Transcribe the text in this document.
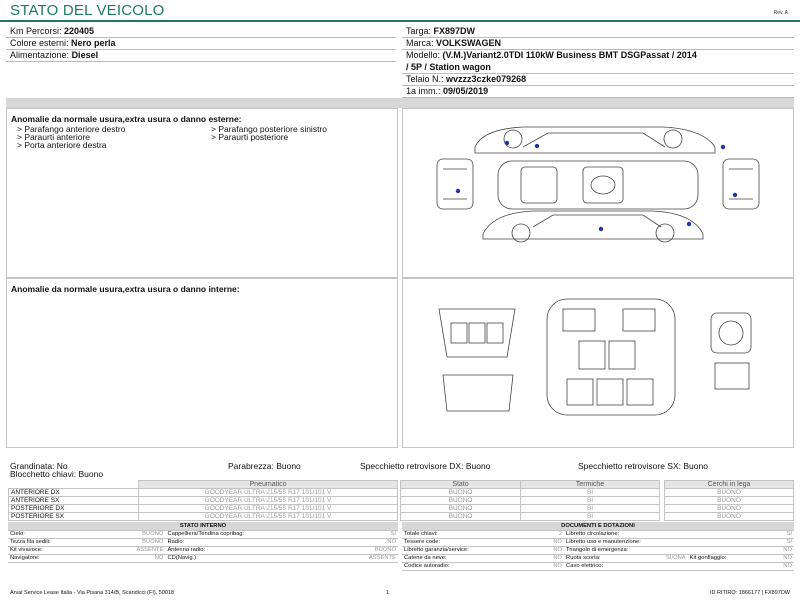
STATO DEL VEICOLO	Rev. A
Km Percorsi: 220405
Colore esterni: Nero perla
Alimentazione: Diesel
Targa: FX897DW
Marca: VOLKSWAGEN
Modello: (V.M.)Variant2.0TDI 110kW Business BMT DSGPassat / 2014
/ 5P / Station wagon
Telaio N.: wvzzz3czke079268
1a imm.: 09/05/2019
Anomalie da normale usura,extra usura o danno esterne:
> Parafango anteriore destro
> Paraurti anteriore
> Porta anteriore destra
> Parafango posteriore sinistro
> Paraurti posteriore
Anomalie da normale usura,extra usura o danno interne:
Grandinata: No	Parabrezza: Buono	Specchietto retrovisore DX: Buono	Specchietto retrovisore SX: Buono
Blocchetto chiavi: Buono
	Pneumatico
ANTERIORE DX	GOODYEAR ULTRA 215/55 R17 101/101 V
ANTERIORE SX	GOODYEAR ULTRA 215/55 R17 101/101 V
POSTERIORE DX	GOODYEAR ULTRA 215/55 R17 101/101 V
POSTERIORE SX	GOODYEAR ULTRA 215/55 R17 101/101 V
Stato	Termiche
BUONO	SI
BUONO	SI
BUONO	SI
BUONO	SI
Cerchi in lega
BUONO
BUONO
BUONO
BUONO
STATO INTERNO			
Cielo:	BUONO	Cappelliera/Tendina copribag:	SI
Tezza fila sedili:	BUONO	Radio:	NO
Kit vivavoce:	ASSENTE	Antenna radio:	BUONO
Navigatore:	NO	CD(Navig.):	ASSENTE
DOCUMENTI E DOTAZIONI					
Totale chiavi:	2	Libretto circolazione:			SI
Tessere code:	NO	Libretto uso e manutenzione:			SI
Libretto garanzia/service:	NO	Triangolo di emergenza:			NO
Catene da neve:	NO	Ruota scorta:	SI/ONA	Kit gonfiaggio:	NO
Codice autoradio:	NO	Cavo elettrico:			NO
Arval Service Lease Italia - Via Pisana 314/B, Scandicci (FI), 50018	1	ID RITIRO: 1866177 | FX897DW
